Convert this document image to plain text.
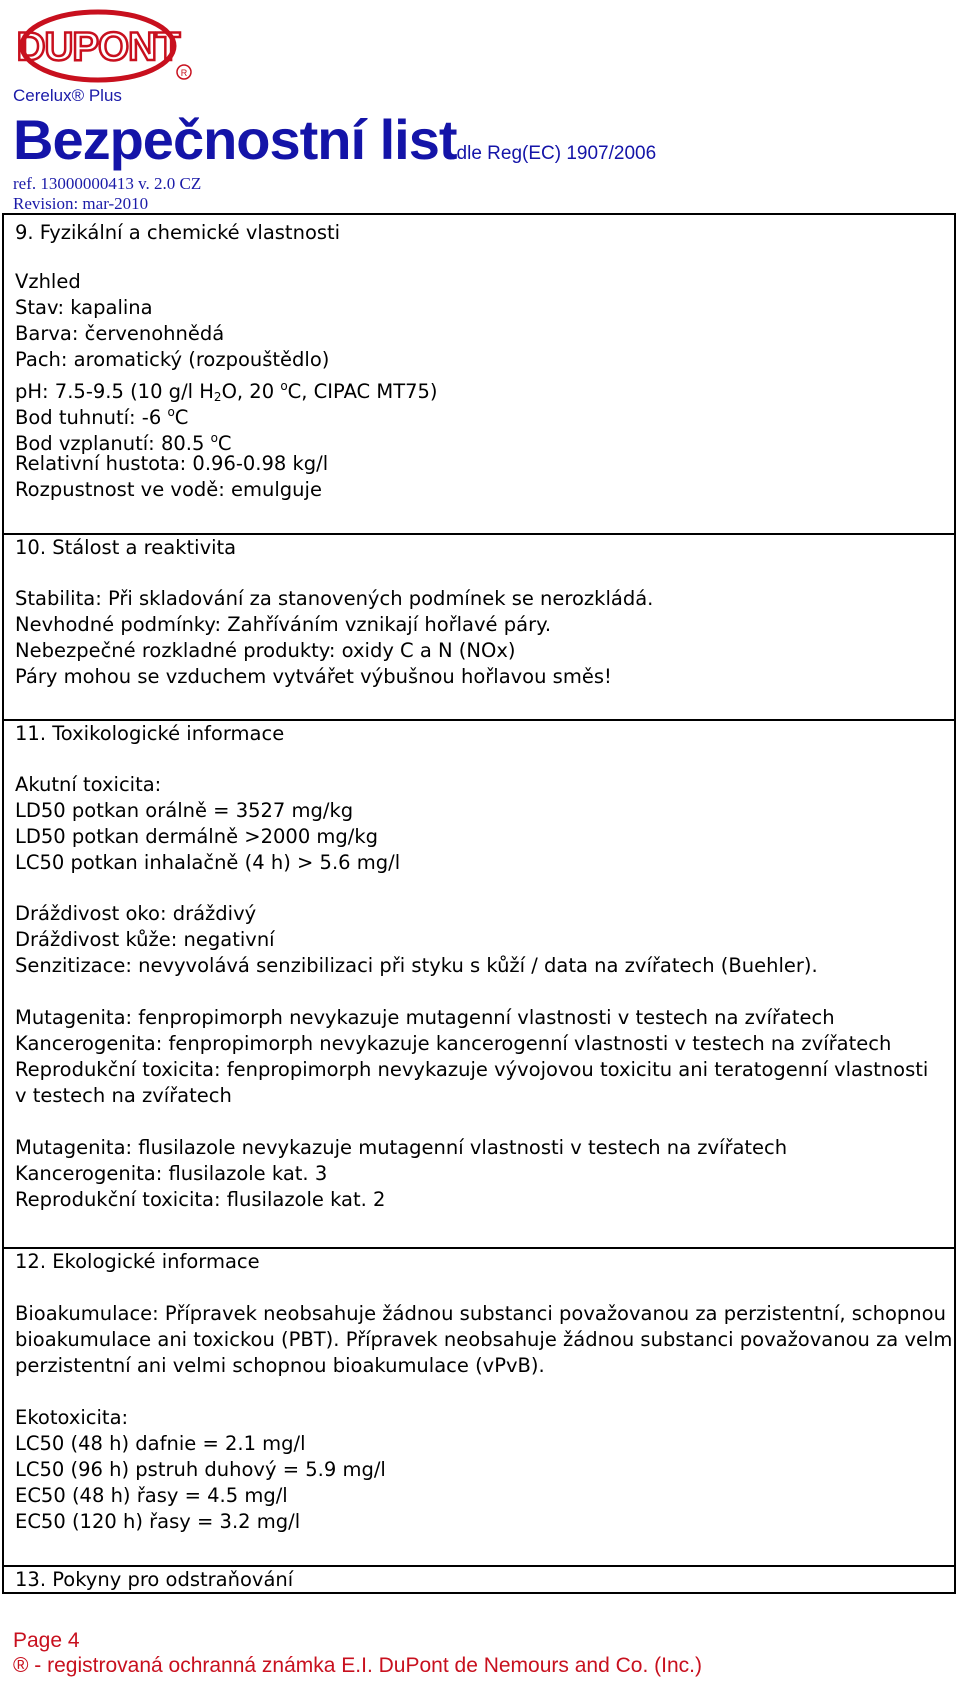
DUPONT
R
Cerelux® Plus
Bezpečnostní listdle Reg(EC) 1907/2006
ref. 13000000413 v. 2.0 CZ
Revision: mar-2010
9. Fyzikální a chemické vlastnosti
Vzhled
Stav: kapalina
Barva: červenohnědá
Pach: aromatický (rozpouštědlo)
pH: 7.5-9.5 (10 g/l $H_2O$, 20 $^o$C, CIPAC MT75)
Bod tuhnutí: -6 $^o$C
Bod vzplanutí: 80.5 $^o$C
Relativní hustota: 0.96-0.98 kg/l
Rozpustnost ve vodě: emulguje
10. Stálost a reaktivita
Stabilita: Při skladování za stanovených podmínek se nerozkládá.
Nevhodné podmínky: Zahříváním vznikají hořlavé páry.
Nebezpečné rozkladné produkty: oxidy C a N (NOx)
Páry mohou se vzduchem vytvářet výbušnou hořlavou směs!
11. Toxikologické informace
Akutní toxicita:
LD50 potkan orálně = 3527 mg/kg
LD50 potkan dermálně >2000 mg/kg
LC50 potkan inhalačně (4 h) > 5.6 mg/l
Dráždivost oko: dráždivý
Dráždivost kůže: negativní
Senzitizace: nevyvolává senzibilizaci při styku s kůží / data na zvířatech (Buehler).
Mutagenita: fenpropimorph nevykazuje mutagenní vlastnosti v testech na zvířatech
Kancerogenita: fenpropimorph nevykazuje kancerogenní vlastnosti v testech na zvířatech
Reprodukční toxicita: fenpropimorph nevykazuje vývojovou toxicitu ani teratogenní vlastnosti
v testech na zvířatech
Mutagenita: flusilazole nevykazuje mutagenní vlastnosti v testech na zvířatech
Kancerogenita: flusilazole kat. 3
Reprodukční toxicita: flusilazole kat. 2
12. Ekologické informace
Bioakumulace: Přípravek neobsahuje žádnou substanci považovanou za perzistentní, schopnou
bioakumulace ani toxickou (PBT). Přípravek neobsahuje žádnou substanci považovanou za velmi
perzistentní ani velmi schopnou bioakumulace (vPvB).
Ekotoxicita:
LC50 (48 h) dafnie = 2.1 mg/l
LC50 (96 h) pstruh duhový = 5.9 mg/l
EC50 (48 h) řasy = 4.5 mg/l
EC50 (120 h) řasy = 3.2 mg/l
13. Pokyny pro odstraňování
Page 4
® - registrovaná ochranná známka E.I. DuPont de Nemours and Co. (Inc.)
